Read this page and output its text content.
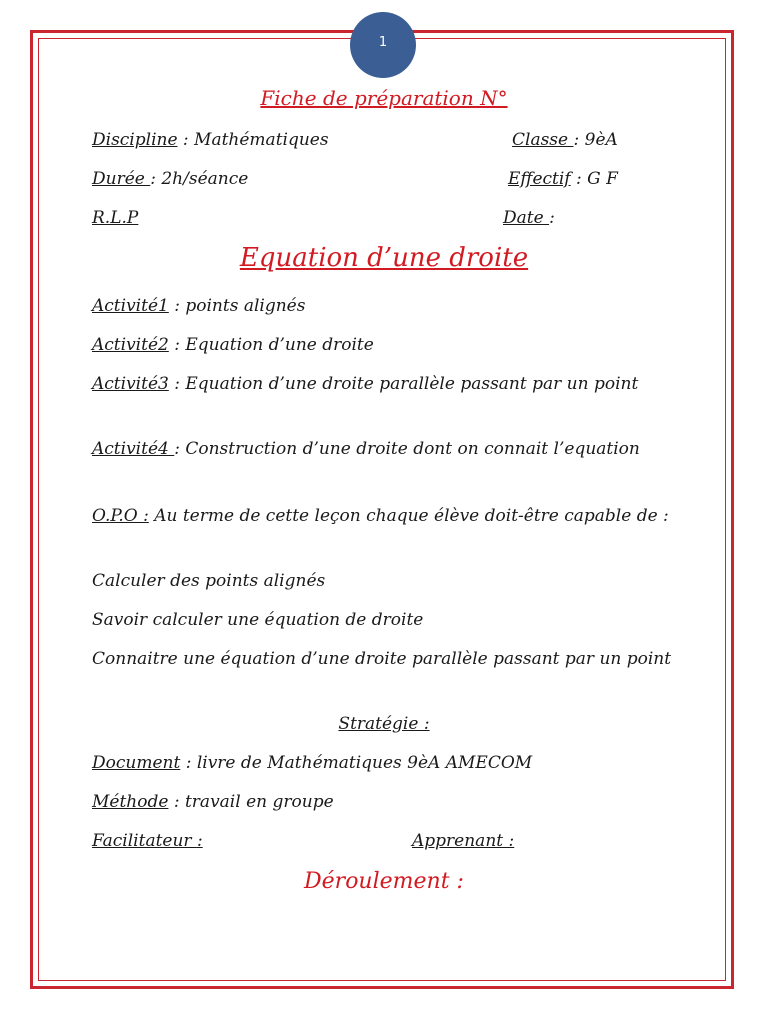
1
Fiche de préparation N°
Discipline : Mathématiques	Classe : 9èA
Durée : 2h/séance	Effectif : G F
R.L.P	Date :
Equation d’une droite
Activité1 : points alignés
Activité2 : Equation d’une droite
Activité3 : Equation d’une droite parallèle passant par un point
Activité4 : Construction d’une droite dont on connait l’equation
O.P.O : Au terme de cette leçon chaque élève doit-être capable de :
Calculer des points alignés
Savoir calculer une équation de droite
Connaitre une équation d’une droite parallèle passant par un point
Stratégie :
Document : livre de Mathématiques 9èA AMECOM
Méthode : travail en groupe
Facilitateur :	Apprenant :
Déroulement :
